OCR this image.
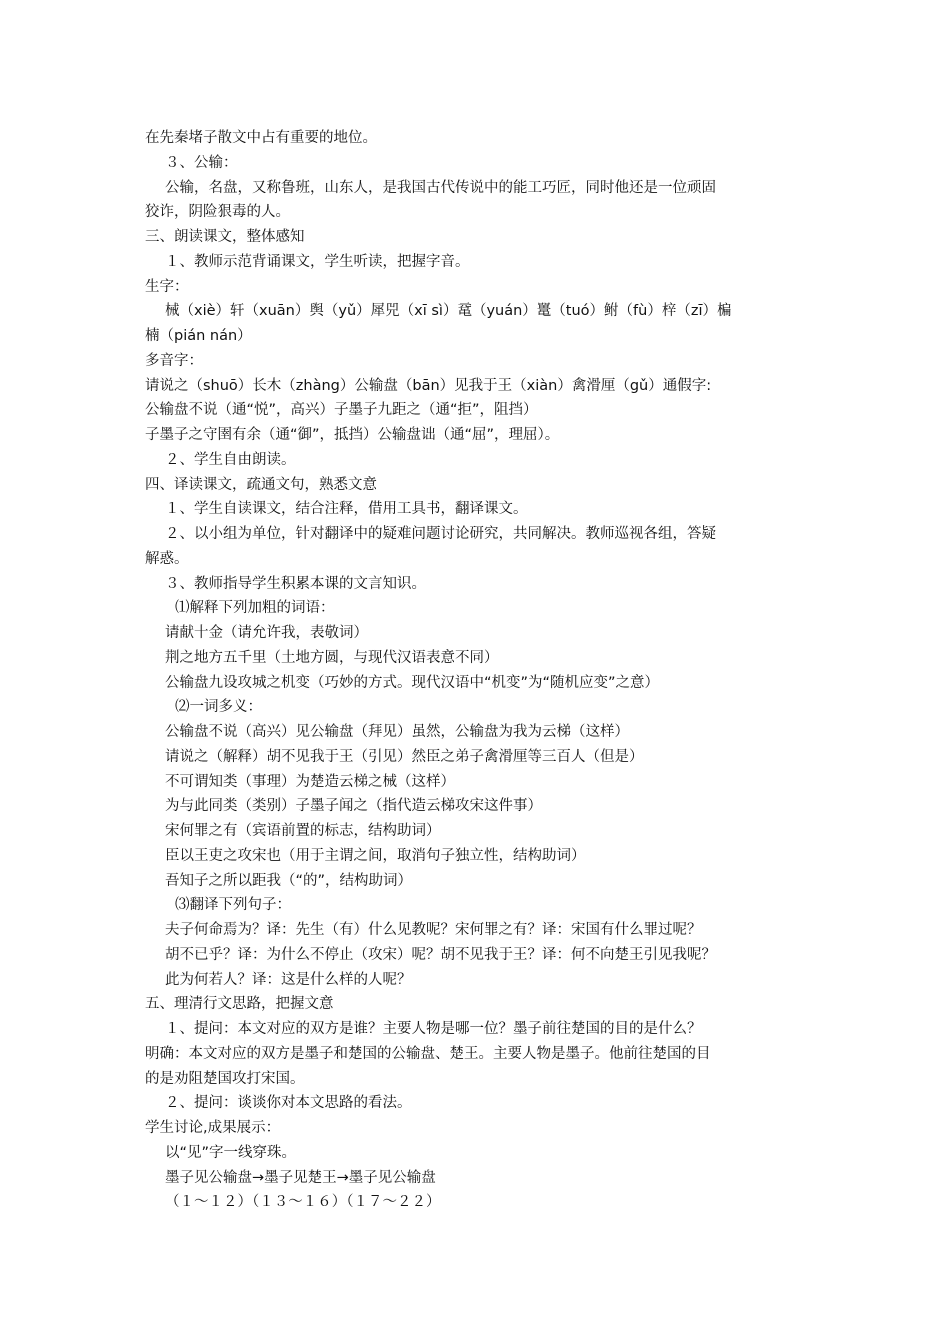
在先秦堵子散文中占有重要的地位。
３、公输：
公输，名盘，又称鲁班，山东人，是我国古代传说中的能工巧匠，同时他还是一位顽固
狡诈，阴险狠毒的人。
三、朗读课文，整体感知
１、教师示范背诵课文，学生听读，把握字音。
生字：
械（xiè）轩（xuān）舆（yǔ）犀兕（xī sì）鼋（yuán）鼍（tuó）鲋（fù）梓（zī）楄
楠（pián nán）
多音字：
请说之（shuō）长木（zhàng）公输盘（bān）见我于王（xiàn）禽滑厘（gǔ）通假字:
公输盘不说（通“悦”，高兴）子墨子九距之（通“拒”，阻挡）
子墨子之守圉有余（通“御”，抵挡）公输盘诎（通“屈”，理屈）。
２、学生自由朗读。
四、译读课文，疏通文句，熟悉文意
１、学生自读课文，结合注释，借用工具书，翻译课文。
２、以小组为单位，针对翻译中的疑难问题讨论研究，共同解决。教师巡视各组，答疑
解惑。
３、教师指导学生积累本课的文言知识。
⑴解释下列加粗的词语：
请献十金（请允许我，表敬词）
荆之地方五千里（土地方圆，与现代汉语表意不同）
公输盘九设攻城之机变（巧妙的方式。现代汉语中“机变”为“随机应变”之意）
⑵一词多义：
公输盘不说（高兴）见公输盘（拜见）虽然，公输盘为我为云梯（这样）
请说之（解释）胡不见我于王（引见）然臣之弟子禽滑厘等三百人（但是）
不可谓知类（事理）为楚造云梯之械（这样）
为与此同类（类别）子墨子闻之（指代造云梯攻宋这件事）
宋何罪之有（宾语前置的标志，结构助词）
臣以王吏之攻宋也（用于主谓之间，取消句子独立性，结构助词）
吾知子之所以距我（“的”，结构助词）
⑶翻译下列句子：
夫子何命焉为？译：先生（有）什么见教呢？宋何罪之有？译：宋国有什么罪过呢？
胡不已乎？译：为什么不停止（攻宋）呢？胡不见我于王？译：何不向楚王引见我呢？
此为何若人？译：这是什么样的人呢？
五、理清行文思路，把握文意
１、提问：本文对应的双方是谁？主要人物是哪一位？墨子前往楚国的目的是什么？
明确：本文对应的双方是墨子和楚国的公输盘、楚王。主要人物是墨子。他前往楚国的目
的是劝阻楚国攻打宋国。
２、提问：谈谈你对本文思路的看法。
学生讨论,成果展示：
以“见”字一线穿珠。
墨子见公输盘→墨子见楚王→墨子见公输盘
（１～１２）（１３～１６）（１７～２２）
